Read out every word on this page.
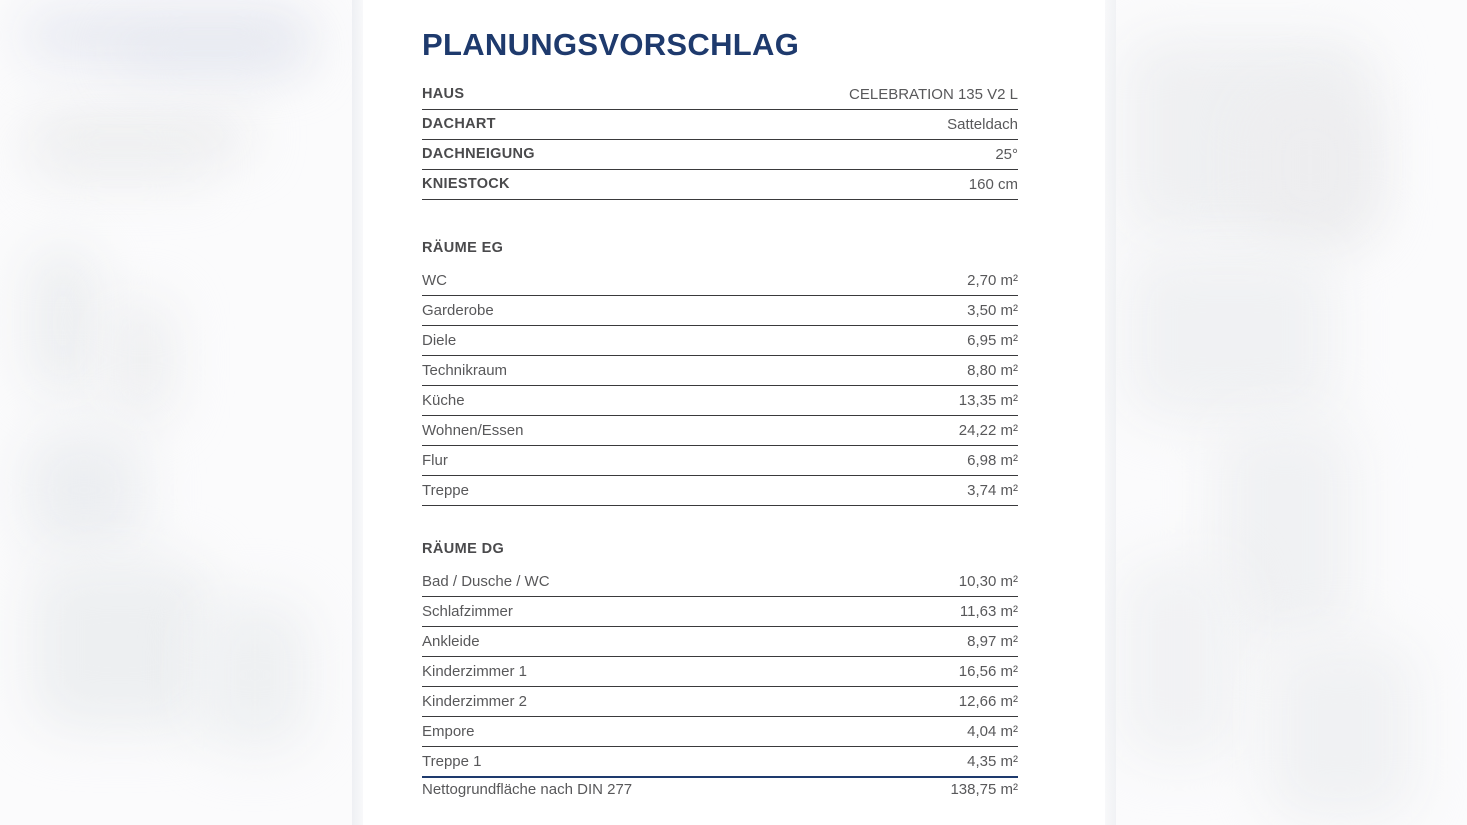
PLANUNGSVORSCHLAG
HAUS	CELEBRATION 135 V2 L
DACHART	Satteldach
DACHNEIGUNG	25°
KNIESTOCK	160 cm
RÄUME EG
WC	2,70 m²
Garderobe	3,50 m²
Diele	6,95 m²
Technikraum	8,80 m²
Küche	13,35 m²
Wohnen/Essen	24,22 m²
Flur	6,98 m²
Treppe	3,74 m²
RÄUME DG
Bad / Dusche / WC	10,30 m²
Schlafzimmer	11,63 m²
Ankleide	8,97 m²
Kinderzimmer 1	16,56 m²
Kinderzimmer 2	12,66 m²
Empore	4,04 m²
Treppe 1	4,35 m²
Nettogrundfläche nach DIN 277	138,75 m²
